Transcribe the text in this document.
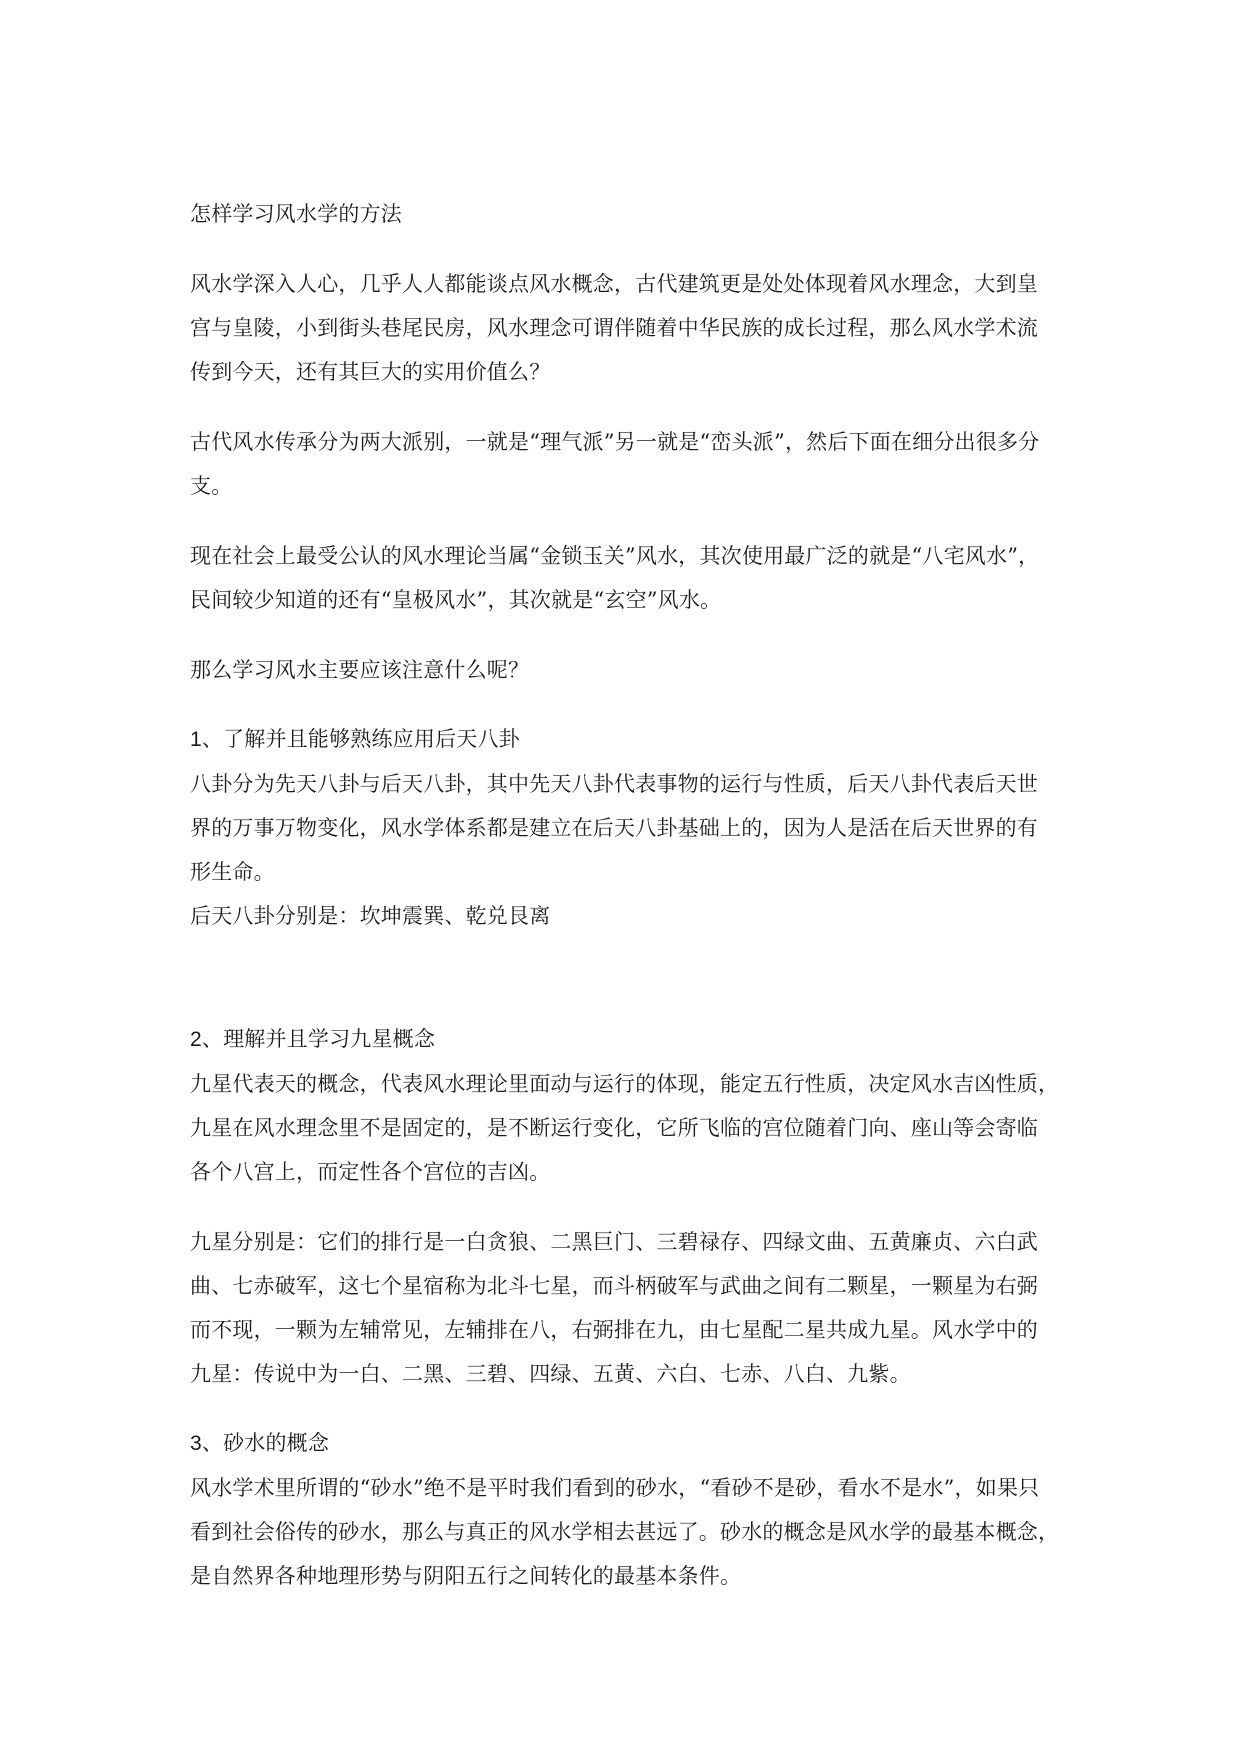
怎样学习风水学的方法
风水学深入人心，几乎人人都能谈点风水概念，古代建筑更是处处体现着风水理念，大到皇
宫与皇陵，小到街头巷尾民房，风水理念可谓伴随着中华民族的成长过程，那么风水学术流
传到今天，还有其巨大的实用价值么？
古代风水传承分为两大派别，一就是“理气派”另一就是“峦头派”，然后下面在细分出很多分
支。
现在社会上最受公认的风水理论当属“金锁玉关”风水，其次使用最广泛的就是“八宅风水”，
民间较少知道的还有“皇极风水”，其次就是“玄空”风水。
那么学习风水主要应该注意什么呢？
1、了解并且能够熟练应用后天八卦
八卦分为先天八卦与后天八卦，其中先天八卦代表事物的运行与性质，后天八卦代表后天世
界的万事万物变化，风水学体系都是建立在后天八卦基础上的，因为人是活在后天世界的有
形生命。
后天八卦分别是：坎坤震巽、乾兑艮离
2、理解并且学习九星概念
九星代表天的概念，代表风水理论里面动与运行的体现，能定五行性质，决定风水吉凶性质，
九星在风水理念里不是固定的，是不断运行变化，它所飞临的宫位随着门向、座山等会寄临
各个八宫上，而定性各个宫位的吉凶。
九星分别是：它们的排行是一白贪狼、二黑巨门、三碧禄存、四绿文曲、五黄廉贞、六白武
曲、七赤破军，这七个星宿称为北斗七星，而斗柄破军与武曲之间有二颗星，一颗星为右弼
而不现，一颗为左辅常见，左辅排在八，右弼排在九，由七星配二星共成九星。风水学中的
九星：传说中为一白、二黑、三碧、四绿、五黄、六白、七赤、八白、九紫。
3、砂水的概念
风水学术里所谓的“砂水”绝不是平时我们看到的砂水，“看砂不是砂，看水不是水”，如果只
看到社会俗传的砂水，那么与真正的风水学相去甚远了。砂水的概念是风水学的最基本概念，
是自然界各种地理形势与阴阳五行之间转化的最基本条件。
